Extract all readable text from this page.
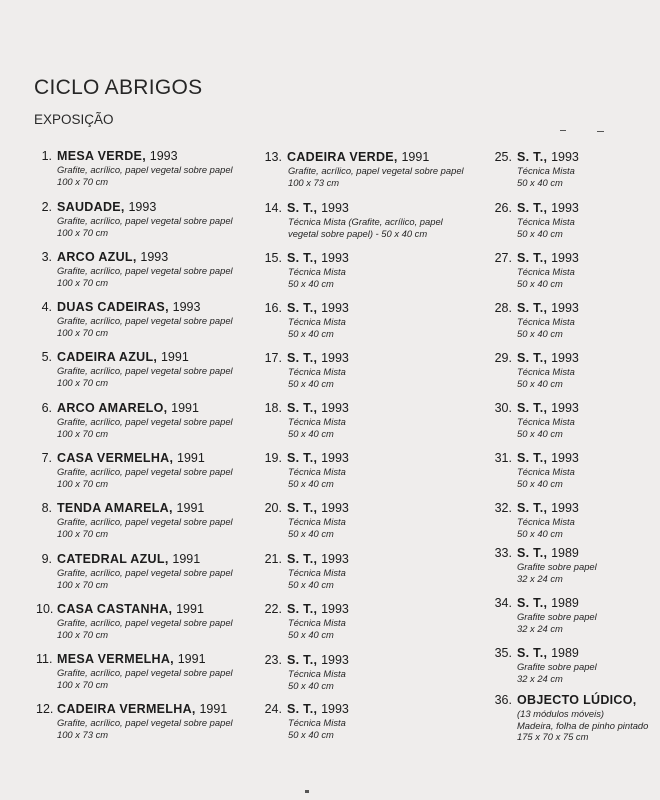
CICLO ABRIGOS
EXPOSIÇÃO
1. MESA VERDE, 1993
Grafite, acrílico, papel vegetal sobre papel
100 x 70 cm
2. SAUDADE, 1993
Grafite, acrílico, papel vegetal sobre papel
100 x 70 cm
3. ARCO AZUL, 1993
Grafite, acrílico, papel vegetal sobre papel
100 x 70 cm
4. DUAS CADEIRAS, 1993
Grafite, acrílico, papel vegetal sobre papel
100 x 70 cm
5. CADEIRA AZUL, 1991
Grafite, acrílico, papel vegetal sobre papel
100 x 70 cm
6. ARCO AMARELO, 1991
Grafite, acrílico, papel vegetal sobre papel
100 x 70 cm
7. CASA VERMELHA, 1991
Grafite, acrílico, papel vegetal sobre papel
100 x 70 cm
8. TENDA AMARELA, 1991
Grafite, acrílico, papel vegetal sobre papel
100 x 70 cm
9. CATEDRAL AZUL, 1991
Grafite, acrílico, papel vegetal sobre papel
100 x 70 cm
10. CASA CASTANHA, 1991
Grafite, acrílico, papel vegetal sobre papel
100 x 70 cm
11. MESA VERMELHA, 1991
Grafite, acrílico, papel vegetal sobre papel
100 x 70 cm
12. CADEIRA VERMELHA, 1991
Grafite, acrílico, papel vegetal sobre papel
100 x 73 cm
13. CADEIRA VERDE, 1991
Grafite, acrílico, papel vegetal sobre papel
100 x 73 cm
14. S. T., 1993
Técnica Mista (Grafite, acrílico, papel vegetal sobre papel) - 50 x 40 cm
15. S. T., 1993
Técnica Mista
50 x 40 cm
16. S. T., 1993
Técnica Mista
50 x 40 cm
17. S. T., 1993
Técnica Mista
50 x 40 cm
18. S. T., 1993
Técnica Mista
50 x 40 cm
19. S. T., 1993
Técnica Mista
50 x 40 cm
20. S. T., 1993
Técnica Mista
50 x 40 cm
21. S. T., 1993
Técnica Mista
50 x 40 cm
22. S. T., 1993
Técnica Mista
50 x 40 cm
23. S. T., 1993
Técnica Mista
50 x 40 cm
24. S. T., 1993
Técnica Mista
50 x 40 cm
25. S. T., 1993
Técnica Mista
50 x 40 cm
26. S. T., 1993
Técnica Mista
50 x 40 cm
27. S. T., 1993
Técnica Mista
50 x 40 cm
28. S. T., 1993
Técnica Mista
50 x 40 cm
29. S. T., 1993
Técnica Mista
50 x 40 cm
30. S. T., 1993
Técnica Mista
50 x 40 cm
31. S. T., 1993
Técnica Mista
50 x 40 cm
32. S. T., 1993
Técnica Mista
50 x 40 cm
33. S. T., 1989
Grafite sobre papel
32 x 24 cm
34. S. T., 1989
Grafite sobre papel
32 x 24 cm
35. S. T., 1989
Grafite sobre papel
32 x 24 cm
36. OBJECTO LÚDICO,
(13 módulos móveis)
Madeira, folha de pinho pintado
175 x 70 x 75 cm
